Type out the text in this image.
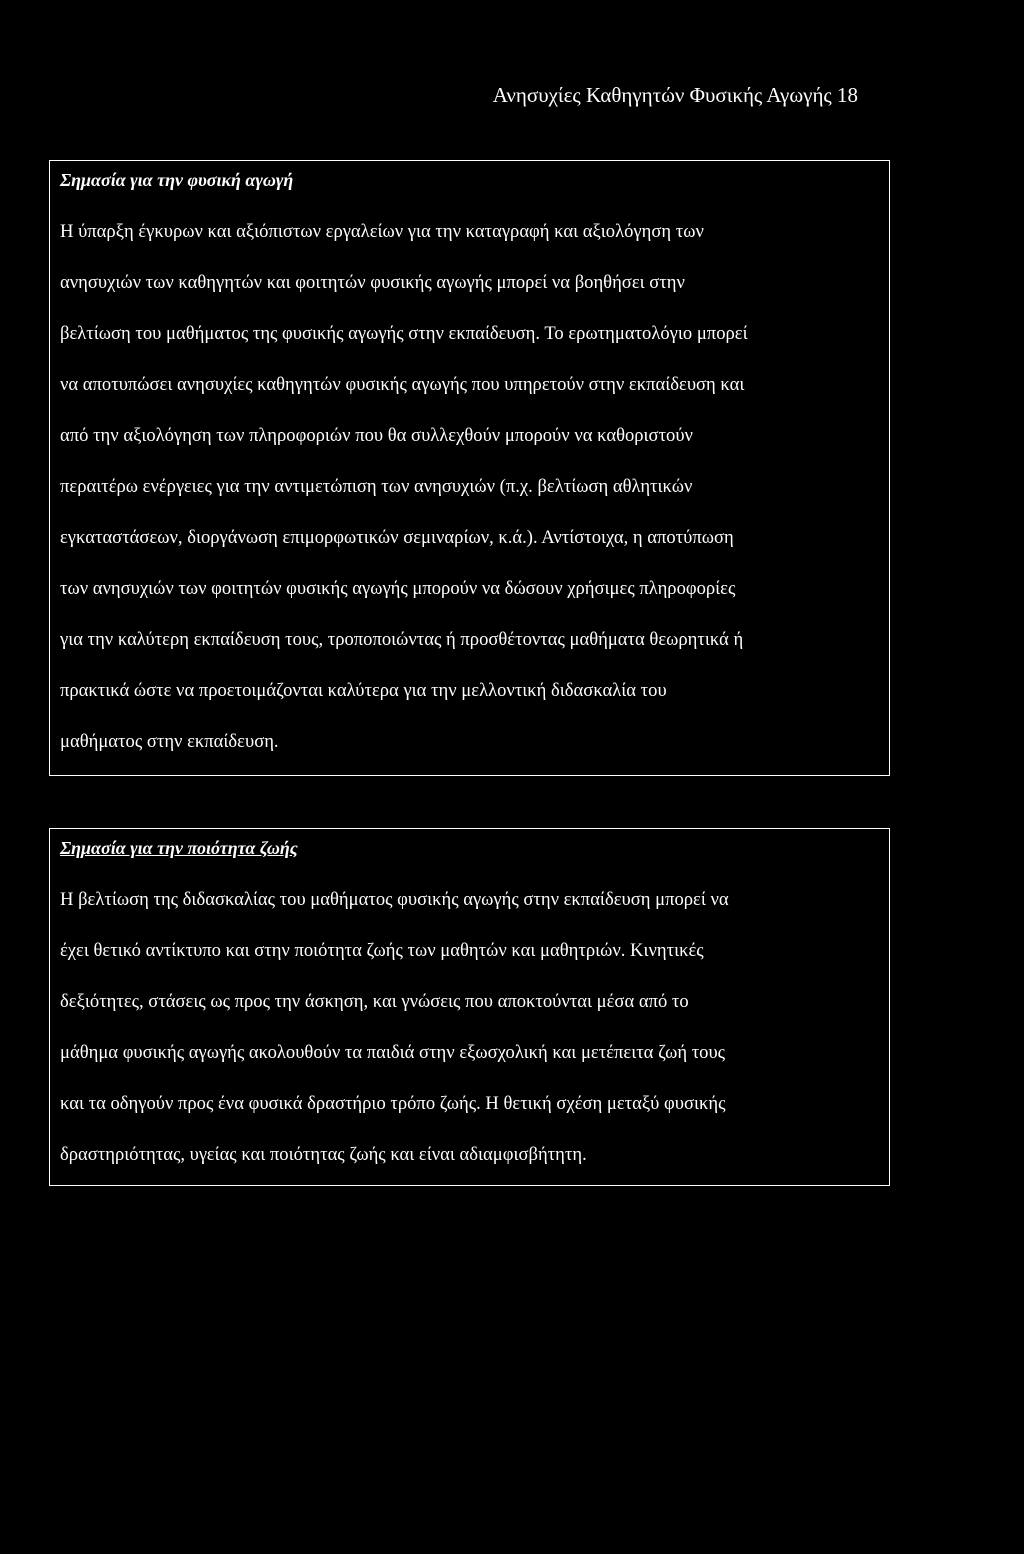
Ανησυχίες Καθηγητών Φυσικής Αγωγής 18
Σημασία για την φυσική αγωγή
Η ύπαρξη έγκυρων και αξιόπιστων εργαλείων για την καταγραφή και αξιολόγηση των
ανησυχιών των καθηγητών και φοιτητών φυσικής αγωγής μπορεί να βοηθήσει στην
βελτίωση του μαθήματος της φυσικής αγωγής στην εκπαίδευση. Το ερωτηματολόγιο μπορεί
να αποτυπώσει ανησυχίες καθηγητών φυσικής αγωγής που υπηρετούν στην εκπαίδευση και
από την αξιολόγηση των πληροφοριών που θα συλλεχθούν μπορούν να καθοριστούν
περαιτέρω ενέργειες για την αντιμετώπιση των ανησυχιών (π.χ. βελτίωση αθλητικών
εγκαταστάσεων, διοργάνωση επιμορφωτικών σεμιναρίων, κ.ά.). Αντίστοιχα, η αποτύπωση
των ανησυχιών των φοιτητών φυσικής αγωγής μπορούν να δώσουν χρήσιμες πληροφορίες
για την καλύτερη εκπαίδευση τους, τροποποιώντας ή προσθέτοντας μαθήματα θεωρητικά ή
πρακτικά ώστε να προετοιμάζονται καλύτερα για την μελλοντική διδασκαλία του
μαθήματος στην εκπαίδευση.
Σημασία για την ποιότητα ζωής
Η βελτίωση της διδασκαλίας του μαθήματος φυσικής αγωγής στην εκπαίδευση μπορεί να
έχει θετικό αντίκτυπο και στην ποιότητα ζωής των μαθητών και μαθητριών. Κινητικές
δεξιότητες, στάσεις ως προς την άσκηση, και γνώσεις που αποκτούνται μέσα από το
μάθημα φυσικής αγωγής ακολουθούν τα παιδιά στην εξωσχολική και μετέπειτα ζωή τους
και τα οδηγούν προς ένα φυσικά δραστήριο τρόπο ζωής. Η θετική σχέση μεταξύ φυσικής
δραστηριότητας, υγείας και ποιότητας ζωής και είναι αδιαμφισβήτητη.
